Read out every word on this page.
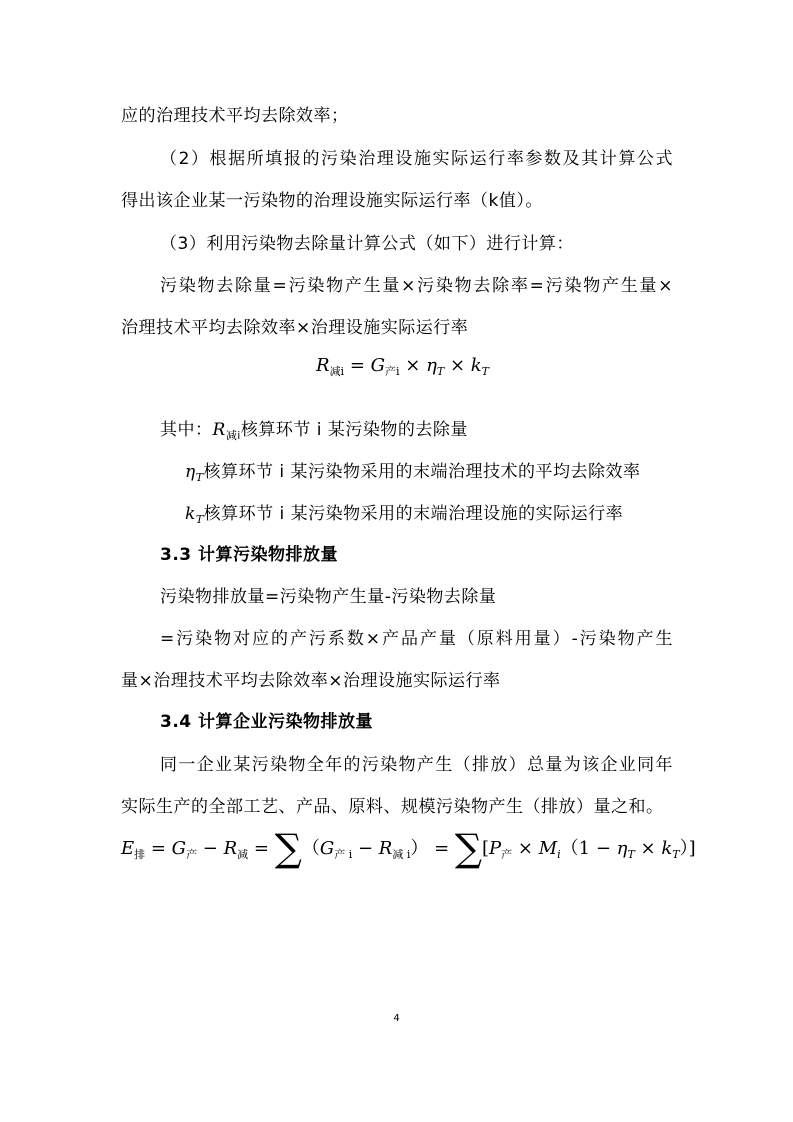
应的治理技术平均去除效率；
（2）根据所填报的污染治理设施实际运行率参数及其计算公式
得出该企业某一污染物的治理设施实际运行率（k值）。
（3）利用污染物去除量计算公式（如下）进行计算：
污染物去除量=污染物产生量×污染物去除率=污染物产生量×
治理技术平均去除效率×治理设施实际运行率
$R_{减i} = G_{产i} \times \eta_T \times k_T$
其中：$R_{减i}$核算环节 i 某污染物的去除量
$\eta_T$核算环节 i 某污染物采用的末端治理技术的平均去除效率
$k_T$核算环节 i 某污染物采用的末端治理设施的实际运行率
3.3 计算污染物排放量
污染物排放量=污染物产生量-污染物去除量
=污染物对应的产污系数×产品产量（原料用量）-污染物产生
量×治理技术平均去除效率×治理设施实际运行率
3.4 计算企业污染物排放量
同一企业某污染物全年的污染物产生（排放）总量为该企业同年
实际生产的全部工艺、产品、原料、规模污染物产生（排放）量之和。
$E_排 = G_产 - R_减 = \sum(G_{产 i} - R_{减 i}) = \sum[P_产 \times M_i(1 - \eta_T \times k_T)]$
4
